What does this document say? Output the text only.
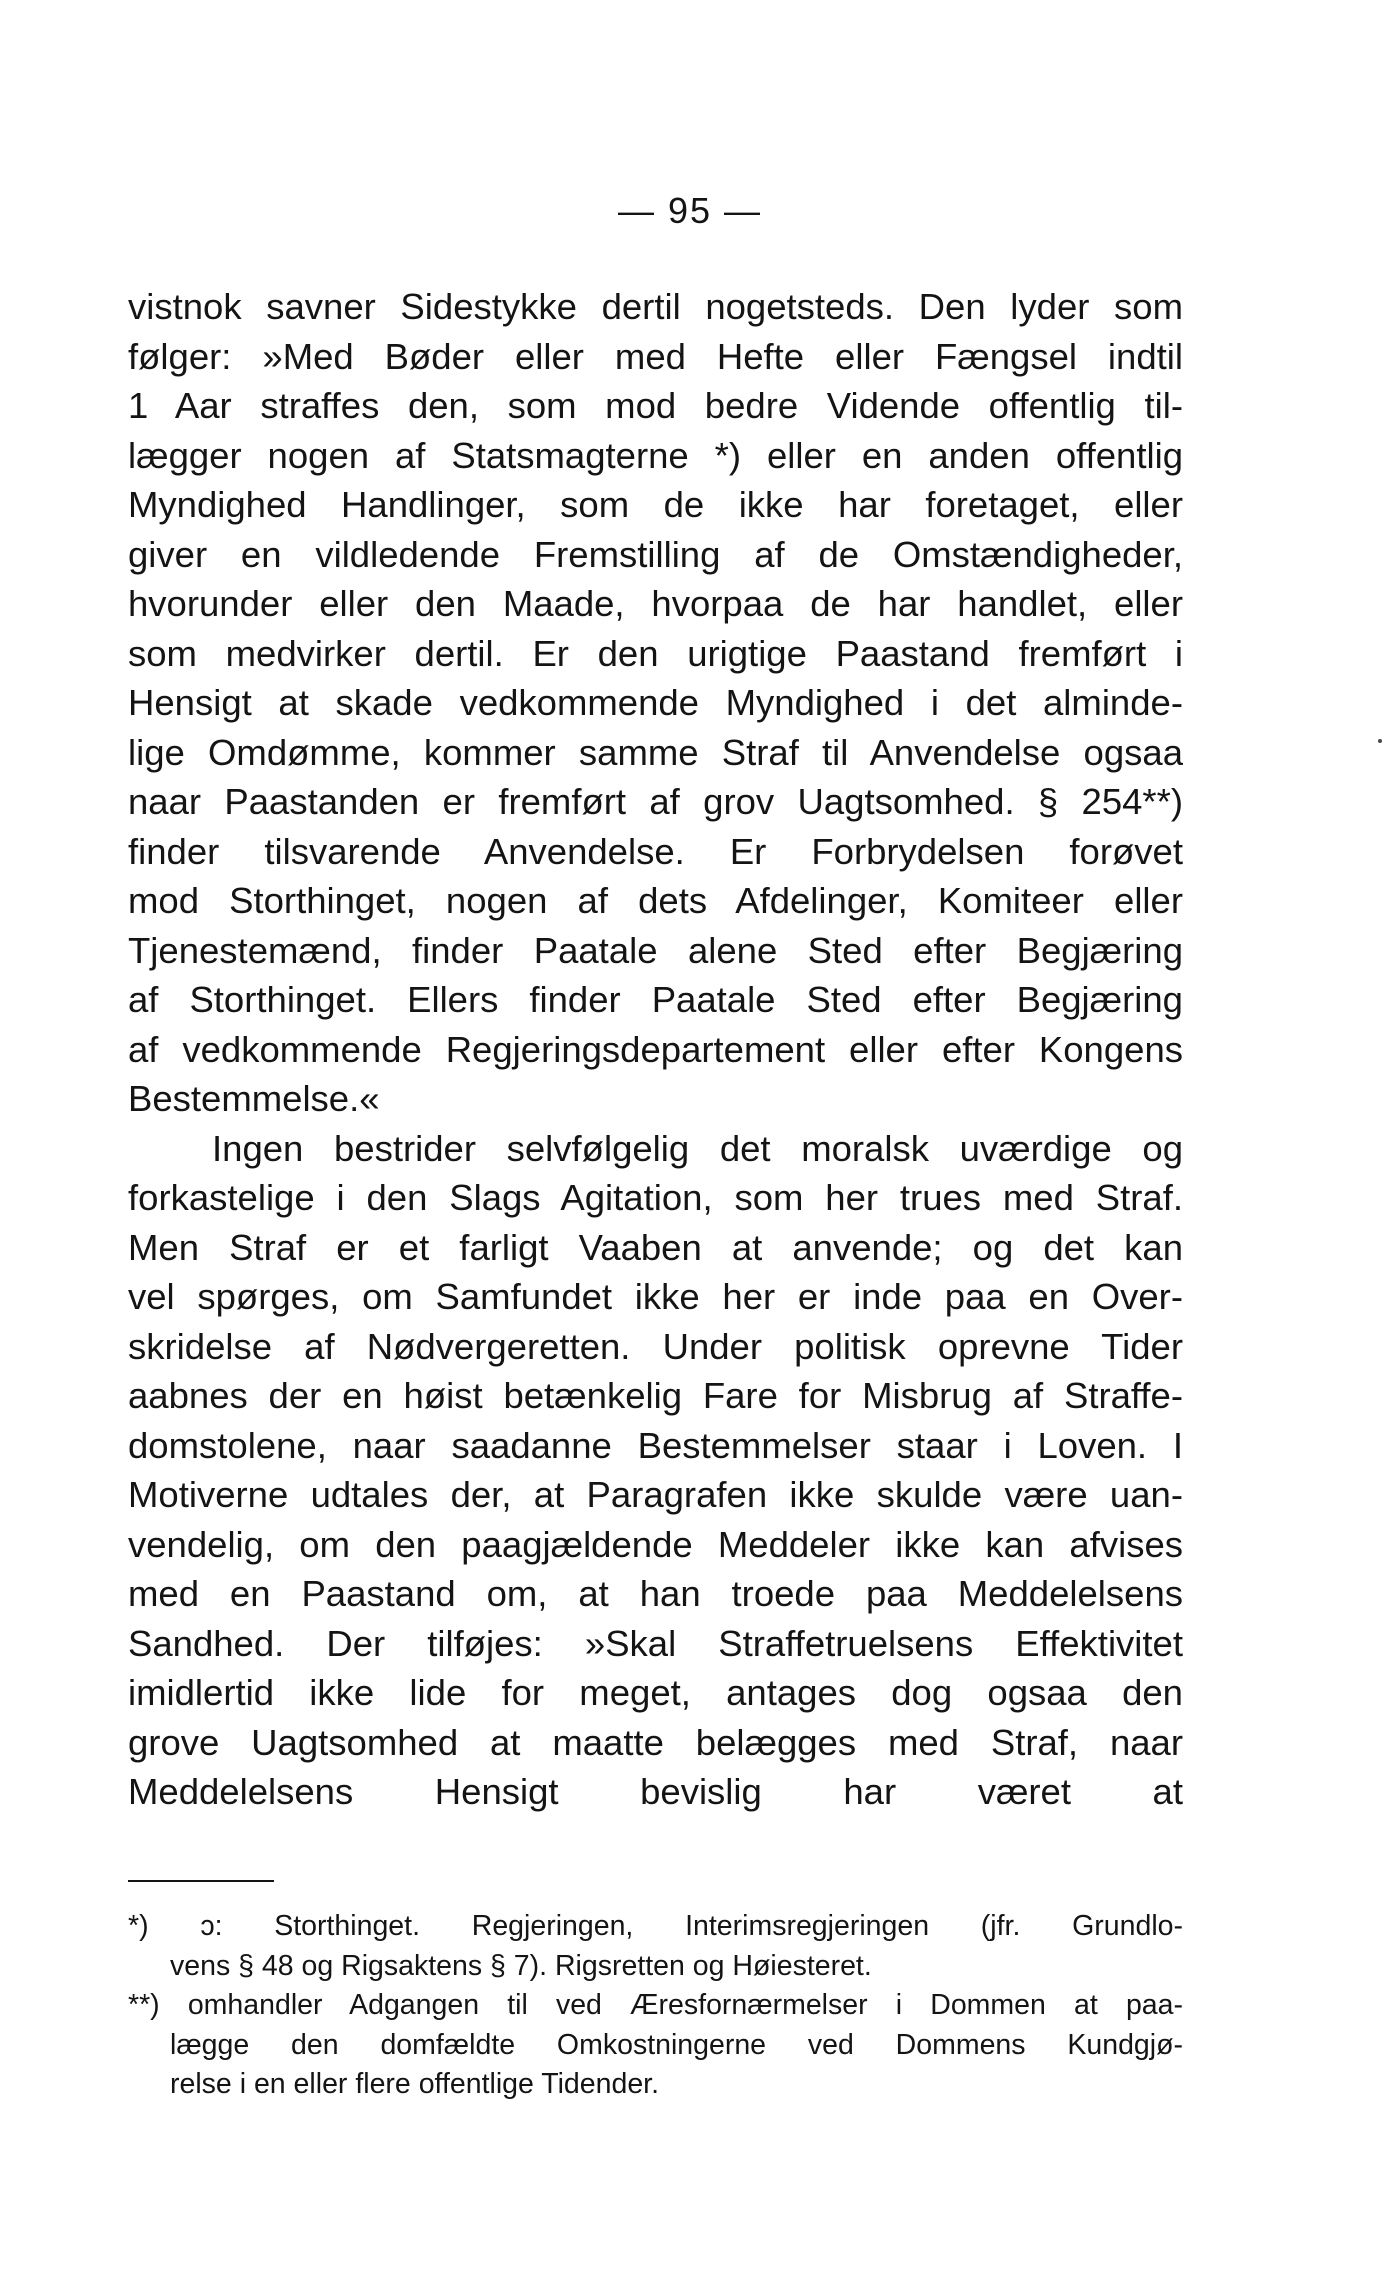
— 95 —
vistnok savner Sidestykke dertil nogetsteds. Den lyder som
følger: »Med Bøder eller med Hefte eller Fængsel indtil
1 Aar straffes den, som mod bedre Vidende offentlig til-
lægger nogen af Statsmagterne *) eller en anden offentlig
Myndighed Handlinger, som de ikke har foretaget, eller
giver en vildledende Fremstilling af de Omstændigheder,
hvorunder eller den Maade, hvorpaa de har handlet, eller
som medvirker dertil. Er den urigtige Paastand fremført i
Hensigt at skade vedkommende Myndighed i det alminde-
lige Omdømme, kommer samme Straf til Anvendelse ogsaa
naar Paastanden er fremført af grov Uagtsomhed. § 254**)
finder tilsvarende Anvendelse. Er Forbrydelsen forøvet
mod Storthinget, nogen af dets Afdelinger, Komiteer eller
Tjenestemænd, finder Paatale alene Sted efter Begjæring
af Storthinget. Ellers finder Paatale Sted efter Begjæring
af vedkommende Regjeringsdepartement eller efter Kongens
Bestemmelse.«
Ingen bestrider selvfølgelig det moralsk uværdige og
forkastelige i den Slags Agitation, som her trues med Straf.
Men Straf er et farligt Vaaben at anvende; og det kan
vel spørges, om Samfundet ikke her er inde paa en Over-
skridelse af Nødvergeretten. Under politisk oprevne Tider
aabnes der en høist betænkelig Fare for Misbrug af Straffe-
domstolene, naar saadanne Bestemmelser staar i Loven. I
Motiverne udtales der, at Paragrafen ikke skulde være uan-
vendelig, om den paagjældende Meddeler ikke kan afvises
med en Paastand om, at han troede paa Meddelelsens
Sandhed. Der tilføjes: »Skal Straffetruelsens Effektivitet
imidlertid ikke lide for meget, antages dog ogsaa den
grove Uagtsomhed at maatte belægges med Straf, naar
Meddelelsens Hensigt bevislig har været at
*) ɔ: Storthinget. Regjeringen, Interimsregjeringen (jfr. Grundlo-
vens § 48 og Rigsaktens § 7). Rigsretten og Høiesteret.
**) omhandler Adgangen til ved Æresfornærmelser i Dommen at paa-
lægge den domfældte Omkostningerne ved Dommens Kundgjø-
relse i en eller flere offentlige Tidender.
